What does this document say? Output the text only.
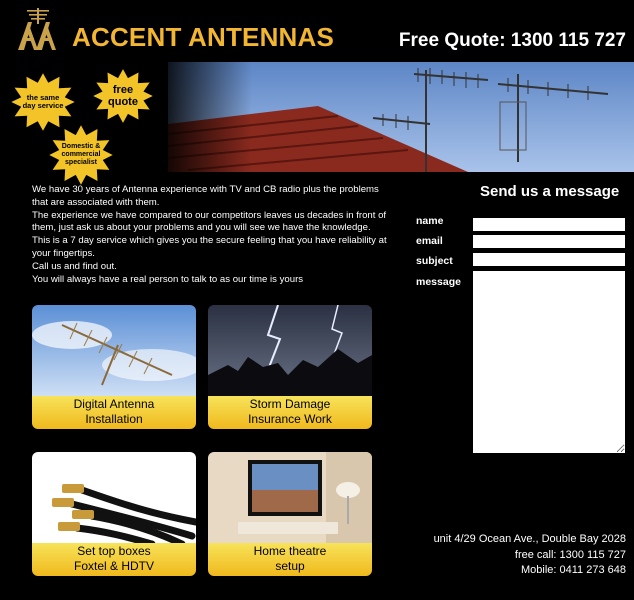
ACCENT ANTENNAS	Free Quote: 1300 115 727
the same
day service
free
quote
Domestic &
commercial
specialist

We have 30 years of Antenna experience with TV and CB radio plus the problems that are associated with them.

The experience we have compared to our competitors leaves us decades in front of them, just ask us about your problems and you will see we have the knowledge.

This is a 7 day service which gives you the secure feeling that you have reliability at your fingertips.

Call us and find out.

You will always have a real person to talk to as our time is yours

Digital Antenna
Installation
Storm Damage
Insurance Work
Set top boxes
Foxtel & HDTV
Home theatre
setup
Send us a message
name
email
subject
message
unit 4/29 Ocean Ave., Double Bay 2028
free call: 1300 115 727
Mobile: 0411 273 648
